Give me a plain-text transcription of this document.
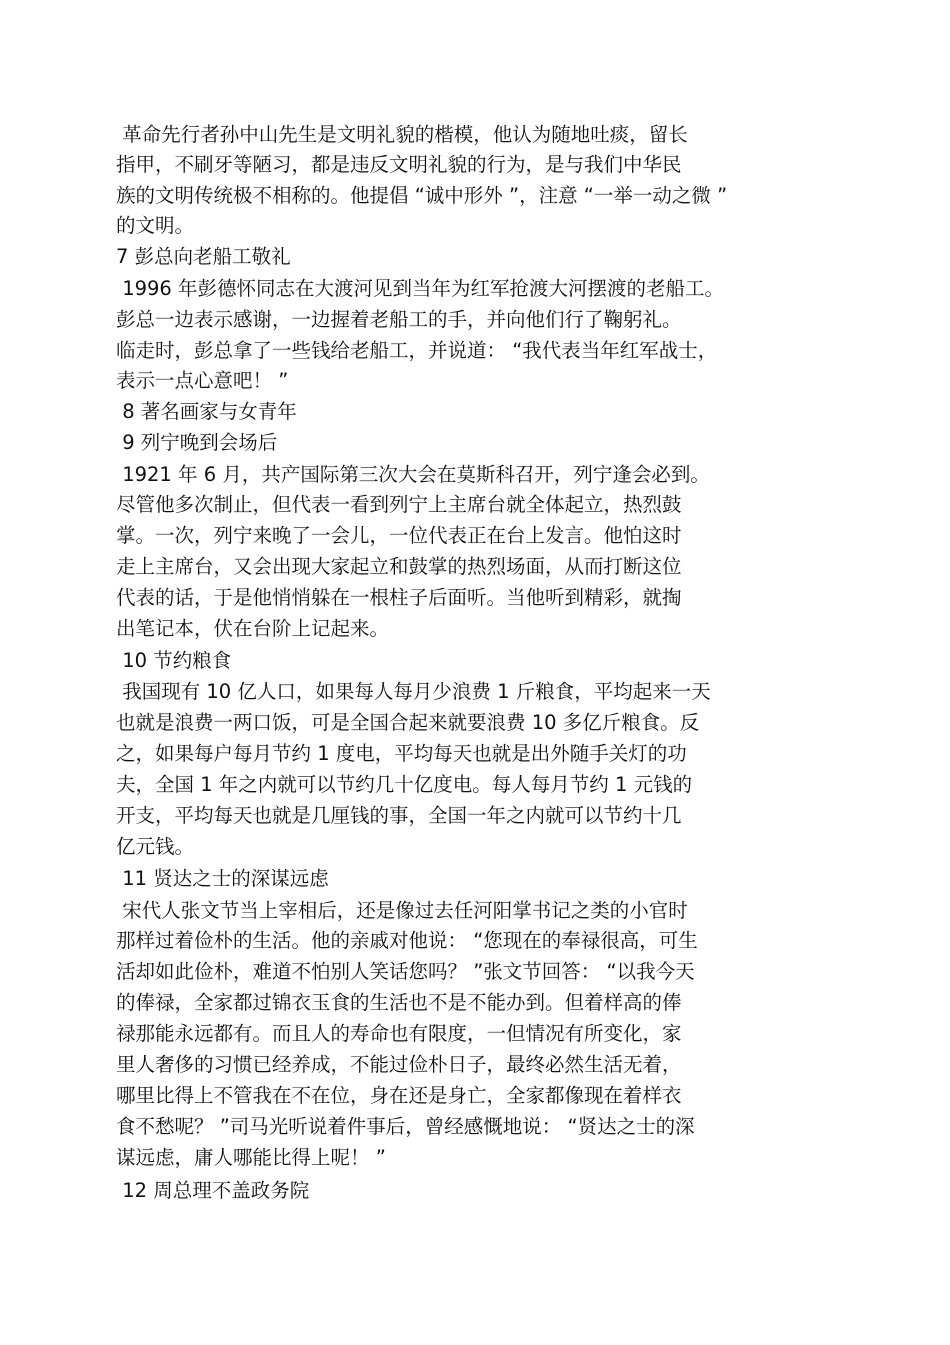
革命先行者孙中山先生是文明礼貌的楷模，他认为随地吐痰，留长
指甲，不刷牙等陋习，都是违反文明礼貌的行为，是与我们中华民
族的文明传统极不相称的。他提倡 “诚中形外 ”，注意 “一举一动之微 ”
的文明。
7 彭总向老船工敬礼
1996 年彭德怀同志在大渡河见到当年为红军抢渡大河摆渡的老船工。
彭总一边表示感谢，一边握着老船工的手，并向他们行了鞠躬礼。
临走时，彭总拿了一些钱给老船工，并说道： “我代表当年红军战士，
表示一点心意吧！ ”
8 著名画家与女青年
9 列宁晚到会场后
1921 年 6 月，共产国际第三次大会在莫斯科召开，列宁逢会必到。
尽管他多次制止，但代表一看到列宁上主席台就全体起立，热烈鼓
掌。一次，列宁来晚了一会儿，一位代表正在台上发言。他怕这时
走上主席台，又会出现大家起立和鼓掌的热烈场面，从而打断这位
代表的话，于是他悄悄躲在一根柱子后面听。当他听到精彩，就掏
出笔记本，伏在台阶上记起来。
10 节约粮食
我国现有 10 亿人口，如果每人每月少浪费 1 斤粮食，平均起来一天
也就是浪费一两口饭，可是全国合起来就要浪费 10 多亿斤粮食。反
之，如果每户每月节约 1 度电，平均每天也就是出外随手关灯的功
夫，全国 1 年之内就可以节约几十亿度电。每人每月节约 1 元钱的
开支，平均每天也就是几厘钱的事，全国一年之内就可以节约十几
亿元钱。
11 贤达之士的深谋远虑
宋代人张文节当上宰相后，还是像过去任河阳掌书记之类的小官时
那样过着俭朴的生活。他的亲戚对他说： “您现在的奉禄很高，可生
活却如此俭朴，难道不怕别人笑话您吗？ ”张文节回答： “以我今天
的俸禄，全家都过锦衣玉食的生活也不是不能办到。但着样高的俸
禄那能永远都有。而且人的寿命也有限度，一但情况有所变化，家
里人奢侈的习惯已经养成，不能过俭朴日子，最终必然生活无着，
哪里比得上不管我在不在位，身在还是身亡，全家都像现在着样衣
食不愁呢？ ”司马光听说着件事后，曾经感慨地说： “贤达之士的深
谋远虑，庸人哪能比得上呢！ ”
12 周总理不盖政务院
